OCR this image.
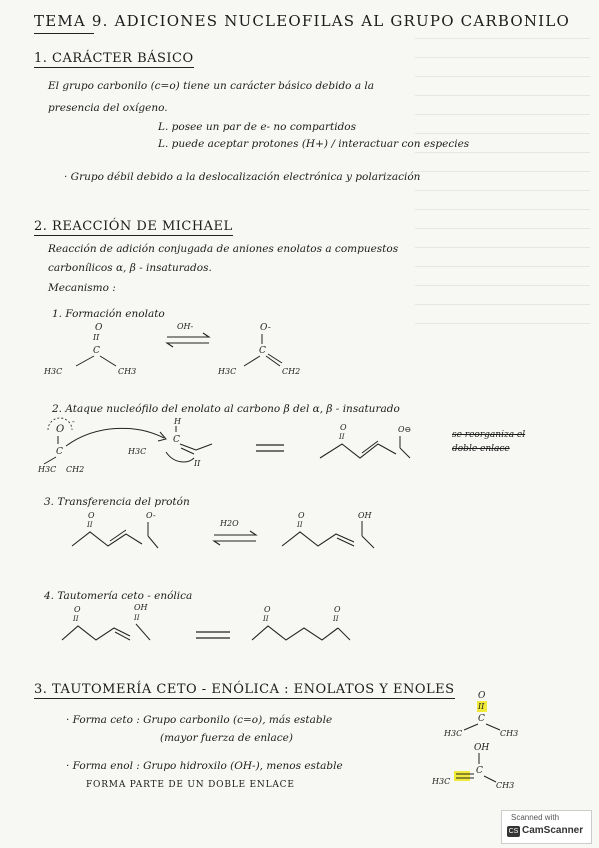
TEMA 9. ADICIONES NUCLEOFILAS AL GRUPO CARBONILO
1. CARÁCTER BÁSICO
El grupo carbonilo (c=o) tiene un carácter básico debido a la
presencia del oxígeno.
L. posee un par de e- no compartidos
L. puede aceptar protones (H+) / interactuar con especies
· Grupo débil debido a la deslocalización electrónica y polarización
2. REACCIÓN DE MICHAEL
Reacción de adición conjugada de aniones enolatos a compuestos
carbonílicos α, β - insaturados.
Mecanismo :
1. Formación enolato
O
II
C
H3C	CH3
OH-	O-
C
H3C	CH2
2. Ataque nucleófilo del enolato al carbono β del α, β - insaturado
O
-
C
H3C CH2
H3C
H
C
II
O
II
O⊖
se reorganiza el
doble enlace
3. Transferencia del protón
O
II
O-
H2O
O
II
OH
4. Tautomería ceto - enólica
O
II
OH
II
O
II
O
II
3. TAUTOMERÍA CETO - ENÓLICA : ENOLATOS Y ENOLES
· Forma ceto : Grupo carbonilo (c=o), más estable
(mayor fuerza de enlace)
· Forma enol : Grupo hidroxilo (OH-), menos estable
FORMA PARTE DE UN DOBLE ENLACE
O
II
C
H3C	CH3
OH
C
H3C	CH3
Scanned with
CS CamScanner
